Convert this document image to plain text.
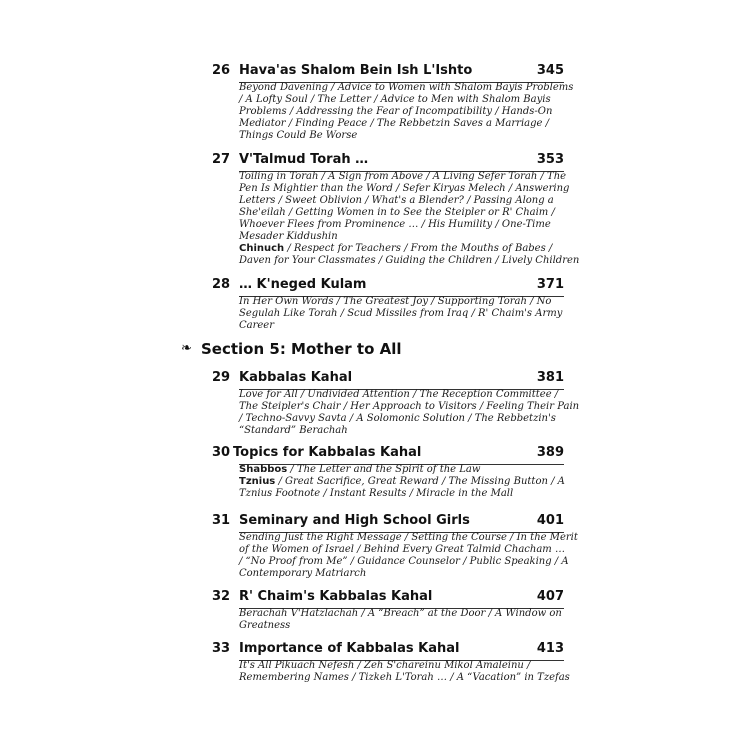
26 Hava'as Shalom Bein Ish L'Ishto	345
Beyond Davening / Advice to Women with Shalom Bayis Problems
/ A Lofty Soul / The Letter / Advice to Men with Shalom Bayis
Problems / Addressing the Fear of Incompatibility / Hands-On
Mediator / Finding Peace / The Rebbetzin Saves a Marriage /
Things Could Be Worse
27 V'Talmud Torah …	353
Toiling in Torah / A Sign from Above / A Living Sefer Torah / The
Pen Is Mightier than the Word / Sefer Kiryas Melech / Answering
Letters / Sweet Oblivion / What's a Blender? / Passing Along a
She'eilah / Getting Women in to See the Steipler or R' Chaim /
Whoever Flees from Prominence … / His Humility / One-Time
Mesader Kiddushin
Chinuch / Respect for Teachers / From the Mouths of Babes /
Daven for Your Classmates / Guiding the Children / Lively Children
28 … K'neged Kulam	371
In Her Own Words / The Greatest Joy / Supporting Torah / No
Segulah Like Torah / Scud Missiles from Iraq / R' Chaim's Army
Career
❧ Section 5: Mother to All
29 Kabbalas Kahal	381
Love for All / Undivided Attention / The Reception Committee /
The Steipler's Chair / Her Approach to Visitors / Feeling Their Pain
/ Techno-Savvy Savta / A Solomonic Solution / The Rebbetzin's
“Standard” Berachah
30 Topics for Kabbalas Kahal	389
Shabbos / The Letter and the Spirit of the Law
Tznius / Great Sacrifice, Great Reward / The Missing Button / A
Tznius Footnote / Instant Results / Miracle in the Mall
31 Seminary and High School Girls	401
Sending Just the Right Message / Setting the Course / In the Merit
of the Women of Israel / Behind Every Great Talmid Chacham …
/ “No Proof from Me” / Guidance Counselor / Public Speaking / A
Contemporary Matriarch
32 R' Chaim's Kabbalas Kahal	407
Berachah V'Hatzlachah / A “Breach” at the Door / A Window on
Greatness
33 Importance of Kabbalas Kahal	413
It's All Pikuach Nefesh / Zeh S'chareinu Mikol Amaleinu /
Remembering Names / Tizkeh L'Torah … / A “Vacation” in Tzefas
